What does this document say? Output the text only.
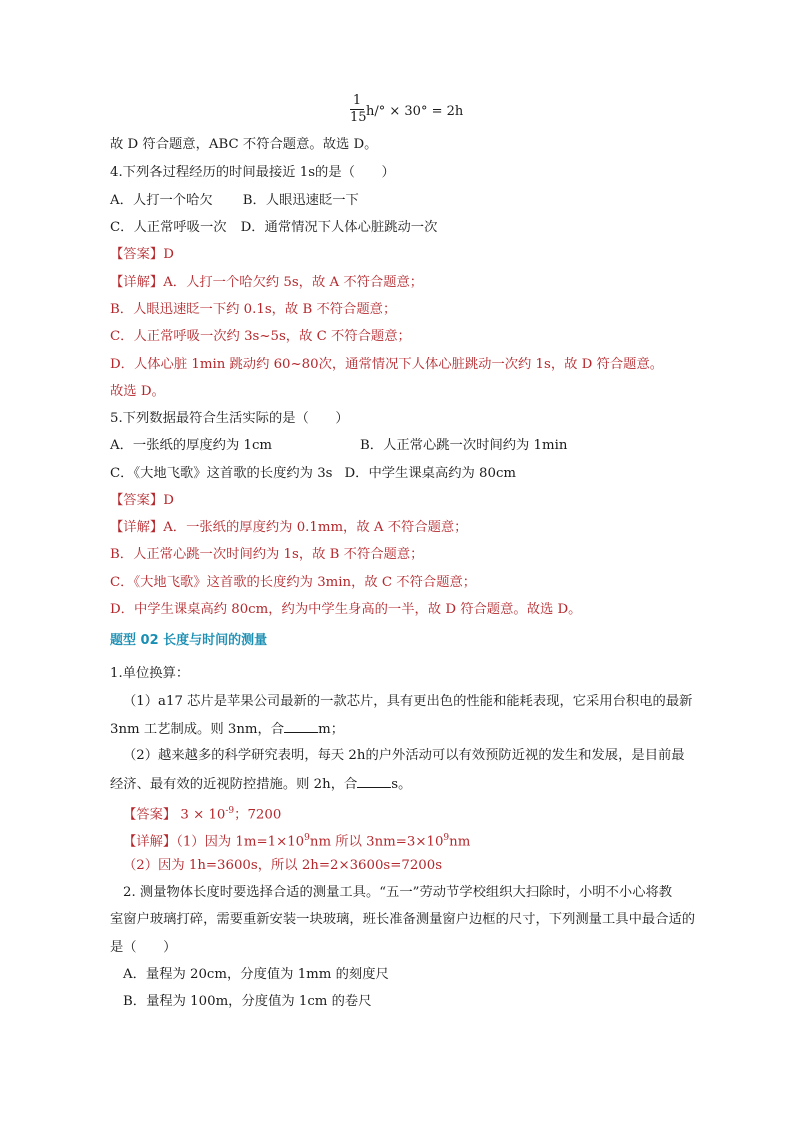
1
15 h/° × 30° = 2h
故 D 符合题意，ABC 不符合题意。故选 D。
4.下列各过程经历的时间最接近 1s的是（　　）
A．人打一个哈欠 B．人眼迅速眨一下
C．人正常呼吸一次 D．通常情况下人体心脏跳动一次
【答案】D
【详解】A．人打一个哈欠约 5s，故 A 不符合题意；
B．人眼迅速眨一下约 0.1s，故 B 不符合题意；
C．人正常呼吸一次约 3s~5s，故 C 不符合题意；
D．人体心脏 1min 跳动约 60~80次，通常情况下人体心脏跳动一次约 1s，故 D 符合题意。
故选 D。
5.下列数据最符合生活实际的是（　　）
A．一张纸的厚度约为 1cm	B．人正常心跳一次时间约为 1min
C．《大地飞歌》这首歌的长度约为 3s D．中学生课桌高约为 80cm
【答案】D
【详解】A．一张纸的厚度约为 0.1mm，故 A 不符合题意；
B．人正常心跳一次时间约为 1s，故 B 不符合题意；
C．《大地飞歌》这首歌的长度约为 3min，故 C 不符合题意；
D．中学生课桌高约 80cm，约为中学生身高的一半，故 D 符合题意。故选 D。
题型 02 长度与时间的测量
1.单位换算：
（1）a17 芯片是苹果公司最新的一款芯片，具有更出色的性能和能耗表现，它采用台积电的最新
3nm 工艺制成。则 3nm，合	m；
（2）越来越多的科学研究表明，每天 2h的户外活动可以有效预防近视的发生和发展，是目前最
经济、最有效的近视防控措施。则 2h，合	s。
【答案】 $3 \times 10^{-9}$；7200
【详解】（1）因为 $1m=1\times 10^9nm$ 所以 $3nm=3\times 10^9nm$
（2）因为 1h=3600s，所以 2h=2×3600s=7200s
2. 测量物体长度时要选择合适的测量工具。“五一”劳动节学校组织大扫除时，小明不小心将教
室窗户玻璃打碎，需要重新安装一块玻璃，班长准备测量窗户边框的尺寸，下列测量工具中最合适的
是（　　）
A．量程为 20cm，分度值为 1mm 的刻度尺
B．量程为 100m，分度值为 1cm 的卷尺
